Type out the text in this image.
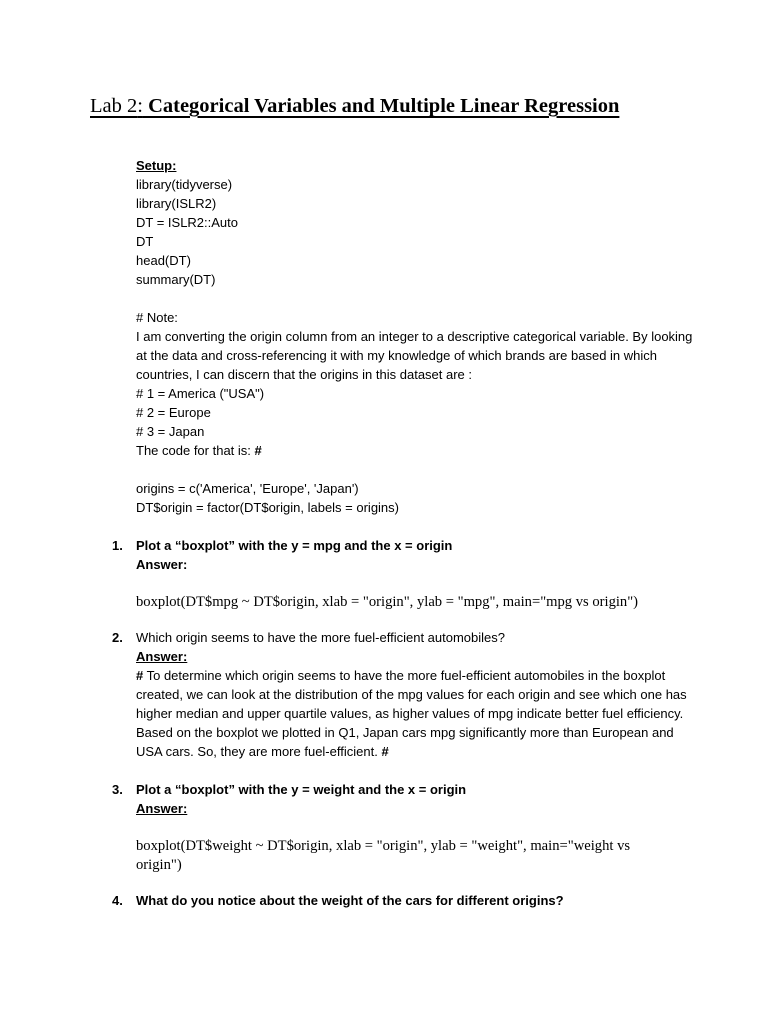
Lab 2: Categorical Variables and Multiple Linear Regression
Setup:
library(tidyverse)
library(ISLR2)
DT = ISLR2::Auto
DT
head(DT)
summary(DT)
# Note:
I am converting the origin column from an integer to a descriptive categorical variable. By looking at the data and cross-referencing it with my knowledge of which brands are based in which countries, I can discern that the origins in this dataset are :
# 1 = America ("USA")
# 2 = Europe
# 3 = Japan
The code for that is: #
origins = c('America', 'Europe', 'Japan')
DT$origin = factor(DT$origin, labels = origins)
1. Plot a “boxplot” with the y = mpg and the x = origin
Answer:
boxplot(DT$mpg ~ DT$origin, xlab = "origin", ylab = "mpg", main="mpg vs origin")
2. Which origin seems to have the more fuel-efficient automobiles?
Answer:
# To determine which origin seems to have the more fuel-efficient automobiles in the boxplot created, we can look at the distribution of the mpg values for each origin and see which one has higher median and upper quartile values, as higher values of mpg indicate better fuel efficiency.
Based on the boxplot we plotted in Q1, Japan cars mpg significantly more than European and USA cars. So, they are more fuel-efficient. #
3. Plot a “boxplot” with the y = weight and the x = origin
Answer:
boxplot(DT$weight ~ DT$origin, xlab = "origin", ylab = "weight", main="weight vs origin")
4. What do you notice about the weight of the cars for different origins?
